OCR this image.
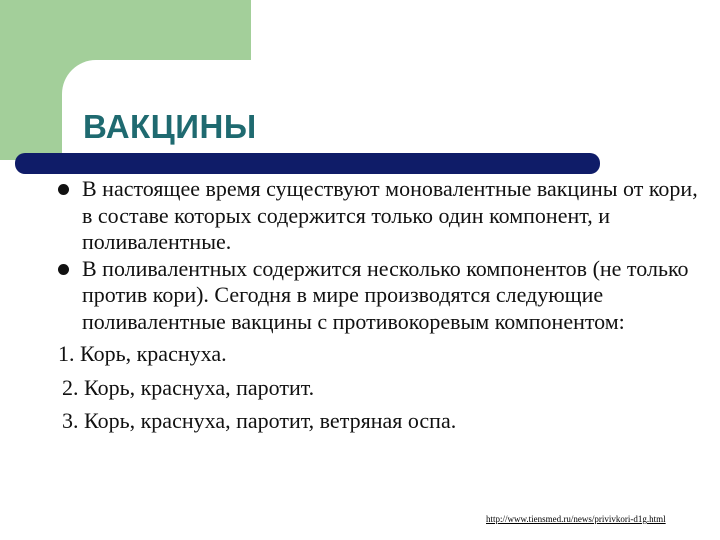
ВАКЦИНЫ
В настоящее время существуют моновалентные вакцины от кори, в составе которых содержится только один компонент, и поливалентные.
В поливалентных содержится несколько компонентов (не только против кори). Сегодня в мире производятся следующие поливалентные вакцины с противокоревым компонентом:
1. Корь, краснуха.
2. Корь, краснуха, паротит.
3. Корь, краснуха, паротит, ветряная оспа.
http://www.tiensmed.ru/news/privivkori-d1g.html
